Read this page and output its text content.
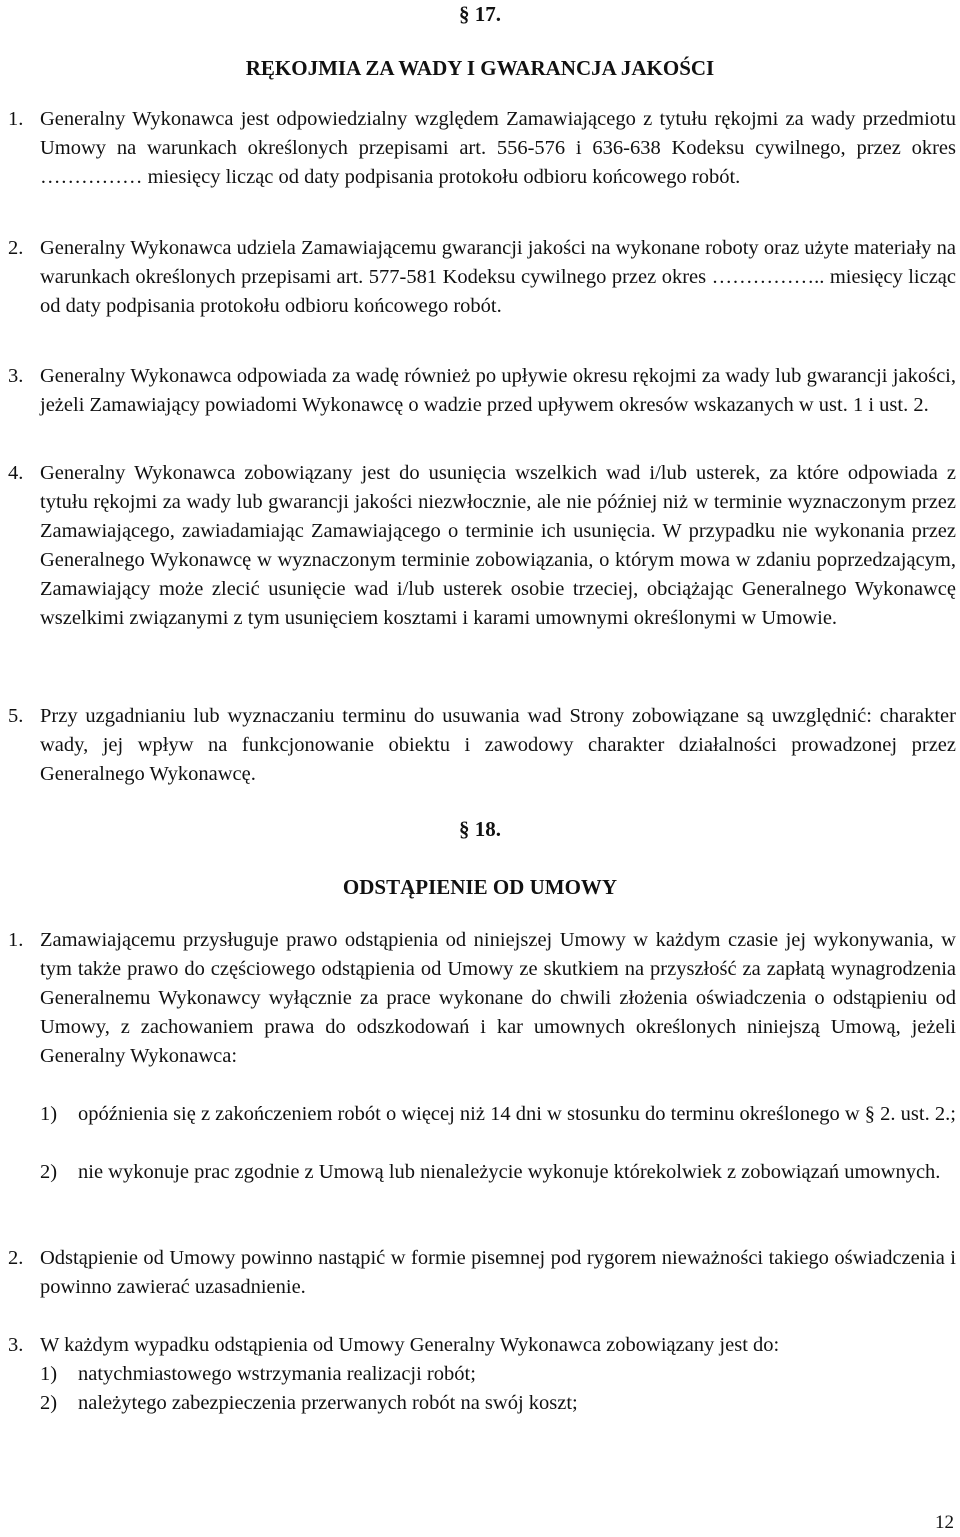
§ 17.
RĘKOJMIA ZA WADY I GWARANCJA JAKOŚCI
1. Generalny Wykonawca jest odpowiedzialny względem Zamawiającego z tytułu rękojmi za wady przedmiotu Umowy na warunkach określonych przepisami art. 556-576 i 636-638 Kodeksu cywilnego, przez okres …………… miesięcy licząc od daty podpisania protokołu odbioru końcowego robót.
2. Generalny Wykonawca udziela Zamawiającemu gwarancji jakości na wykonane roboty oraz użyte materiały na warunkach określonych przepisami art. 577-581 Kodeksu cywilnego przez okres …………….. miesięcy licząc od daty podpisania protokołu odbioru końcowego robót.
3. Generalny Wykonawca odpowiada za wadę również po upływie okresu rękojmi za wady lub gwarancji jakości, jeżeli Zamawiający powiadomi Wykonawcę o wadzie przed upływem okresów wskazanych w ust. 1 i ust. 2.
4. Generalny Wykonawca zobowiązany jest do usunięcia wszelkich wad i/lub usterek, za które odpowiada z tytułu rękojmi za wady lub gwarancji jakości niezwłocznie, ale nie później niż w terminie wyznaczonym przez Zamawiającego, zawiadamiając Zamawiającego o terminie ich usunięcia. W przypadku nie wykonania przez Generalnego Wykonawcę w wyznaczonym terminie zobowiązania, o którym mowa w zdaniu poprzedzającym, Zamawiający może zlecić usunięcie wad i/lub usterek osobie trzeciej, obciążając Generalnego Wykonawcę wszelkimi związanymi z tym usunięciem kosztami i karami umownymi określonymi w Umowie.
5. Przy uzgadnianiu lub wyznaczaniu terminu do usuwania wad Strony zobowiązane są uwzględnić: charakter wady, jej wpływ na funkcjonowanie obiektu i zawodowy charakter działalności prowadzonej przez Generalnego Wykonawcę.
§ 18.
ODSTĄPIENIE OD UMOWY
1. Zamawiającemu przysługuje prawo odstąpienia od niniejszej Umowy w każdym czasie jej wykonywania, w tym także prawo do częściowego odstąpienia od Umowy ze skutkiem na przyszłość za zapłatą wynagrodzenia Generalnemu Wykonawcy wyłącznie za prace wykonane do chwili złożenia oświadczenia o odstąpieniu od Umowy, z zachowaniem prawa do odszkodowań i kar umownych określonych niniejszą Umową, jeżeli Generalny Wykonawca:
1)	opóźnienia się z zakończeniem robót o więcej niż 14 dni w stosunku do terminu określonego w § 2. ust. 2.;
2)	nie wykonuje prac zgodnie z Umową lub nienależycie wykonuje którekolwiek z zobowiązań umownych.
2. Odstąpienie od Umowy powinno nastąpić w formie pisemnej pod rygorem nieważności takiego oświadczenia i powinno zawierać uzasadnienie.
3. W każdym wypadku odstąpienia od Umowy Generalny Wykonawca zobowiązany jest do:
1)	natychmiastowego wstrzymania realizacji robót;
2)	należytego zabezpieczenia przerwanych robót na swój koszt;
12
